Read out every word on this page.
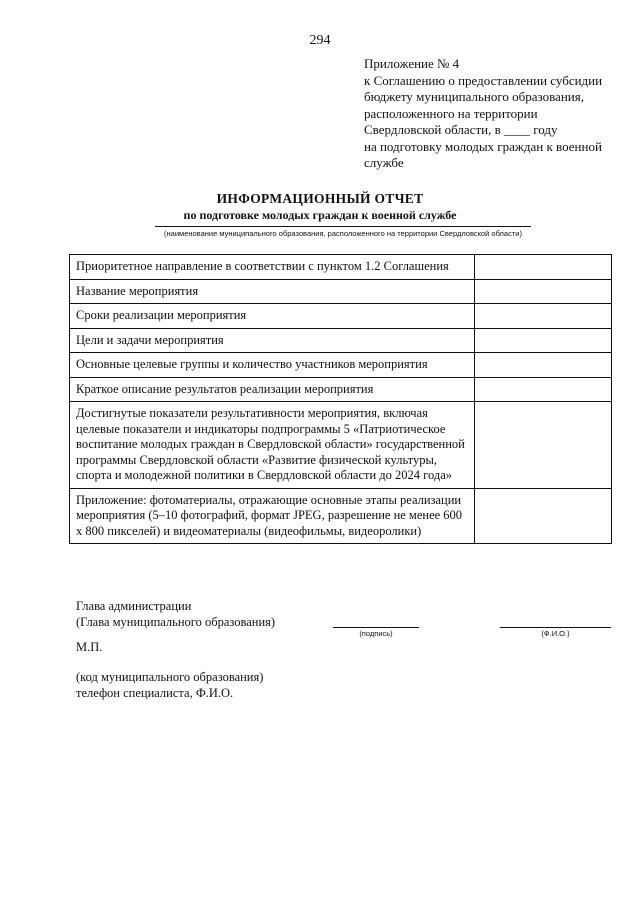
294
Приложение № 4
к Соглашению о предоставлении субсидии
бюджету муниципального образования,
расположенного на территории
Свердловской области, в ____ году
на подготовку молодых граждан к военной
службе
ИНФОРМАЦИОННЫЙ ОТЧЕТ
по подготовке молодых граждан к военной службе
(наименование муниципального образования, расположенного на территории Свердловской области)
Приоритетное направление в соответствии с пунктом 1.2 Соглашения	
Название мероприятия	
Сроки реализации мероприятия	
Цели и задачи мероприятия	
Основные целевые группы и количество участников мероприятия	
Краткое описание результатов реализации мероприятия	
Достигнутые показатели результативности мероприятия, включая целевые показатели и индикаторы подпрограммы 5 «Патриотическое воспитание молодых граждан в Свердловской области» государственной программы Свердловской области «Развитие физической культуры, спорта и молодежной политики в Свердловской области до 2024 года»	
Приложение: фотоматериалы, отражающие основные этапы реализации мероприятия (5–10 фотографий, формат JPEG, разрешение не менее 600 x 800 пикселей) и видеоматериалы (видеофильмы, видеоролики)	
Глава администрации
(Глава муниципального образования)
(подпись)	(Ф.И.О.)
М.П.
(код муниципального образования)
телефон специалиста, Ф.И.О.
